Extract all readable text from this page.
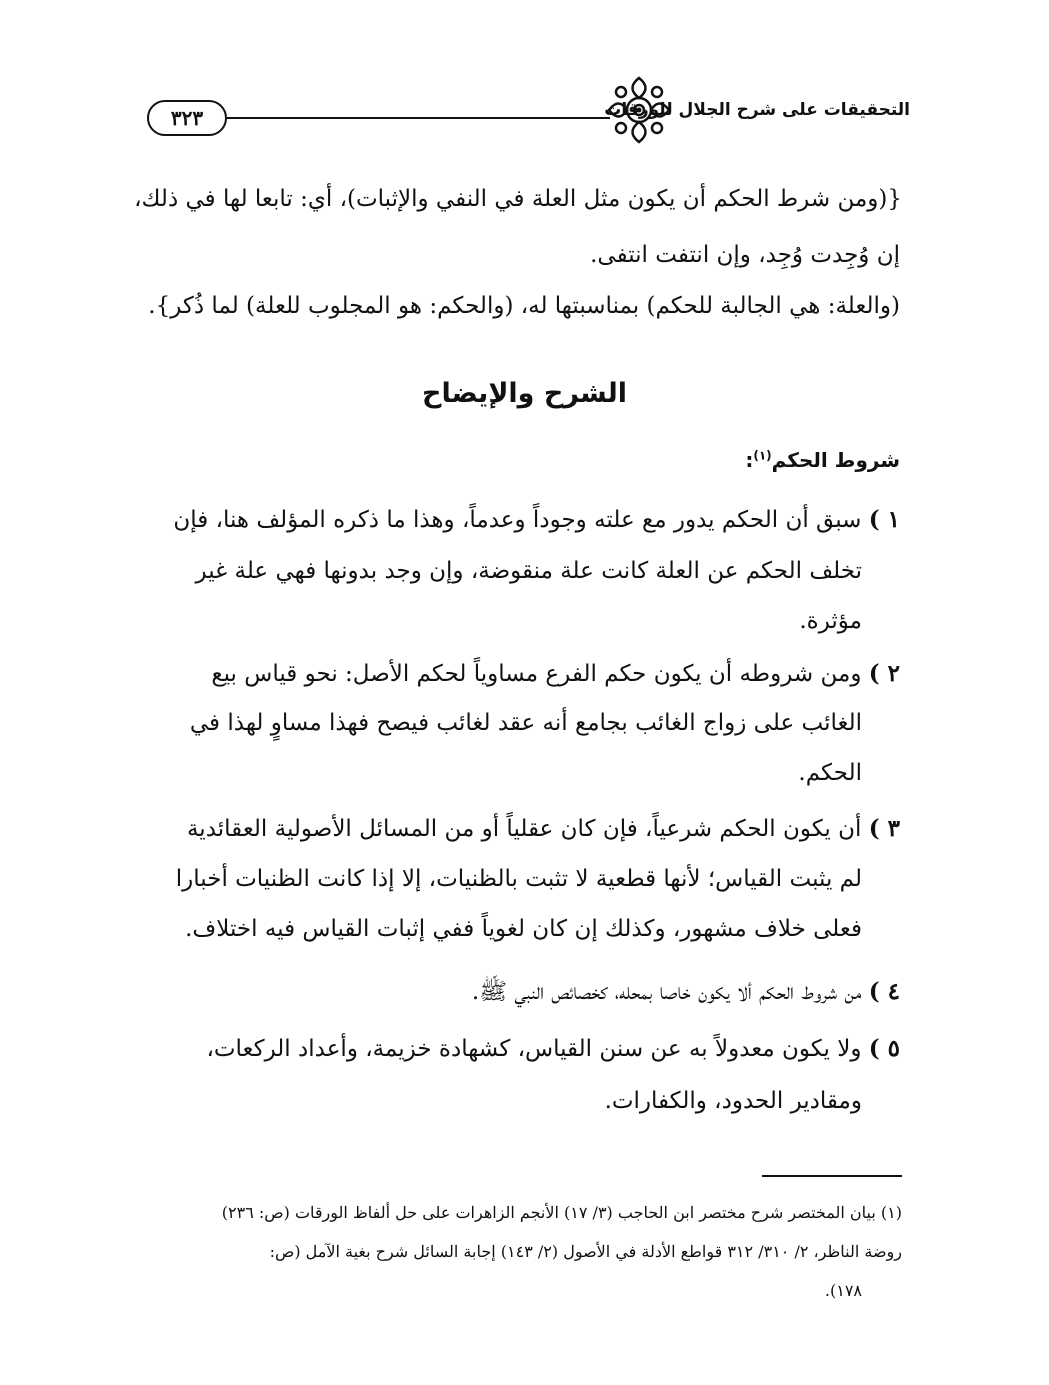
٣٢٣	التحقيقات على شرح الجلال للورقات
{(ومن شرط الحكم أن يكون مثل العلة في النفي والإثبات)، أي: تابعا لها في ذلك،
إن وُجِدت وُجِد، وإن انتفت انتفى.
(والعلة: هي الجالبة للحكم) بمناسبتها له، (والحكم: هو المجلوب للعلة) لما ذُكر}.
الشرح والإيضاح
شروط الحكم$^{(١)}$:
١ ) سبق أن الحكم يدور مع علته وجوداً وعدماً، وهذا ما ذكره المؤلف هنا، فإن
تخلف الحكم عن العلة كانت علة منقوضة، وإن وجد بدونها فهي علة غير
مؤثرة.
٢ ) ومن شروطه أن يكون حكم الفرع مساوياً لحكم الأصل: نحو قياس بيع
الغائب على زواج الغائب بجامع أنه عقد لغائب فيصح فهذا مساوٍ لهذا في
الحكم.
٣ ) أن يكون الحكم شرعياً، فإن كان عقلياً أو من المسائل الأصولية العقائدية
لم يثبت القياس؛ لأنها قطعية لا تثبت بالظنيات، إلا إذا كانت الظنيات أخبارا
فعلى خلاف مشهور، وكذلك إن كان لغوياً ففي إثبات القياس فيه اختلاف.
٤ ) من شروط الحكم ألا يكون خاصا بمحله، كخصائص النبي ﷺ.
٥ ) ولا يكون معدولاً به عن سنن القياس، كشهادة خزيمة، وأعداد الركعات،
ومقادير الحدود، والكفارات.
(١) بيان المختصر شرح مختصر ابن الحاجب (٣/ ١٧) الأنجم الزاهرات على حل ألفاظ الورقات (ص: ٢٣٦)
روضة الناظر، ٢/ ٣١٠/ ٣١٢ قواطع الأدلة في الأصول (٢/ ١٤٣) إجابة السائل شرح بغية الآمل (ص:
١٧٨).
